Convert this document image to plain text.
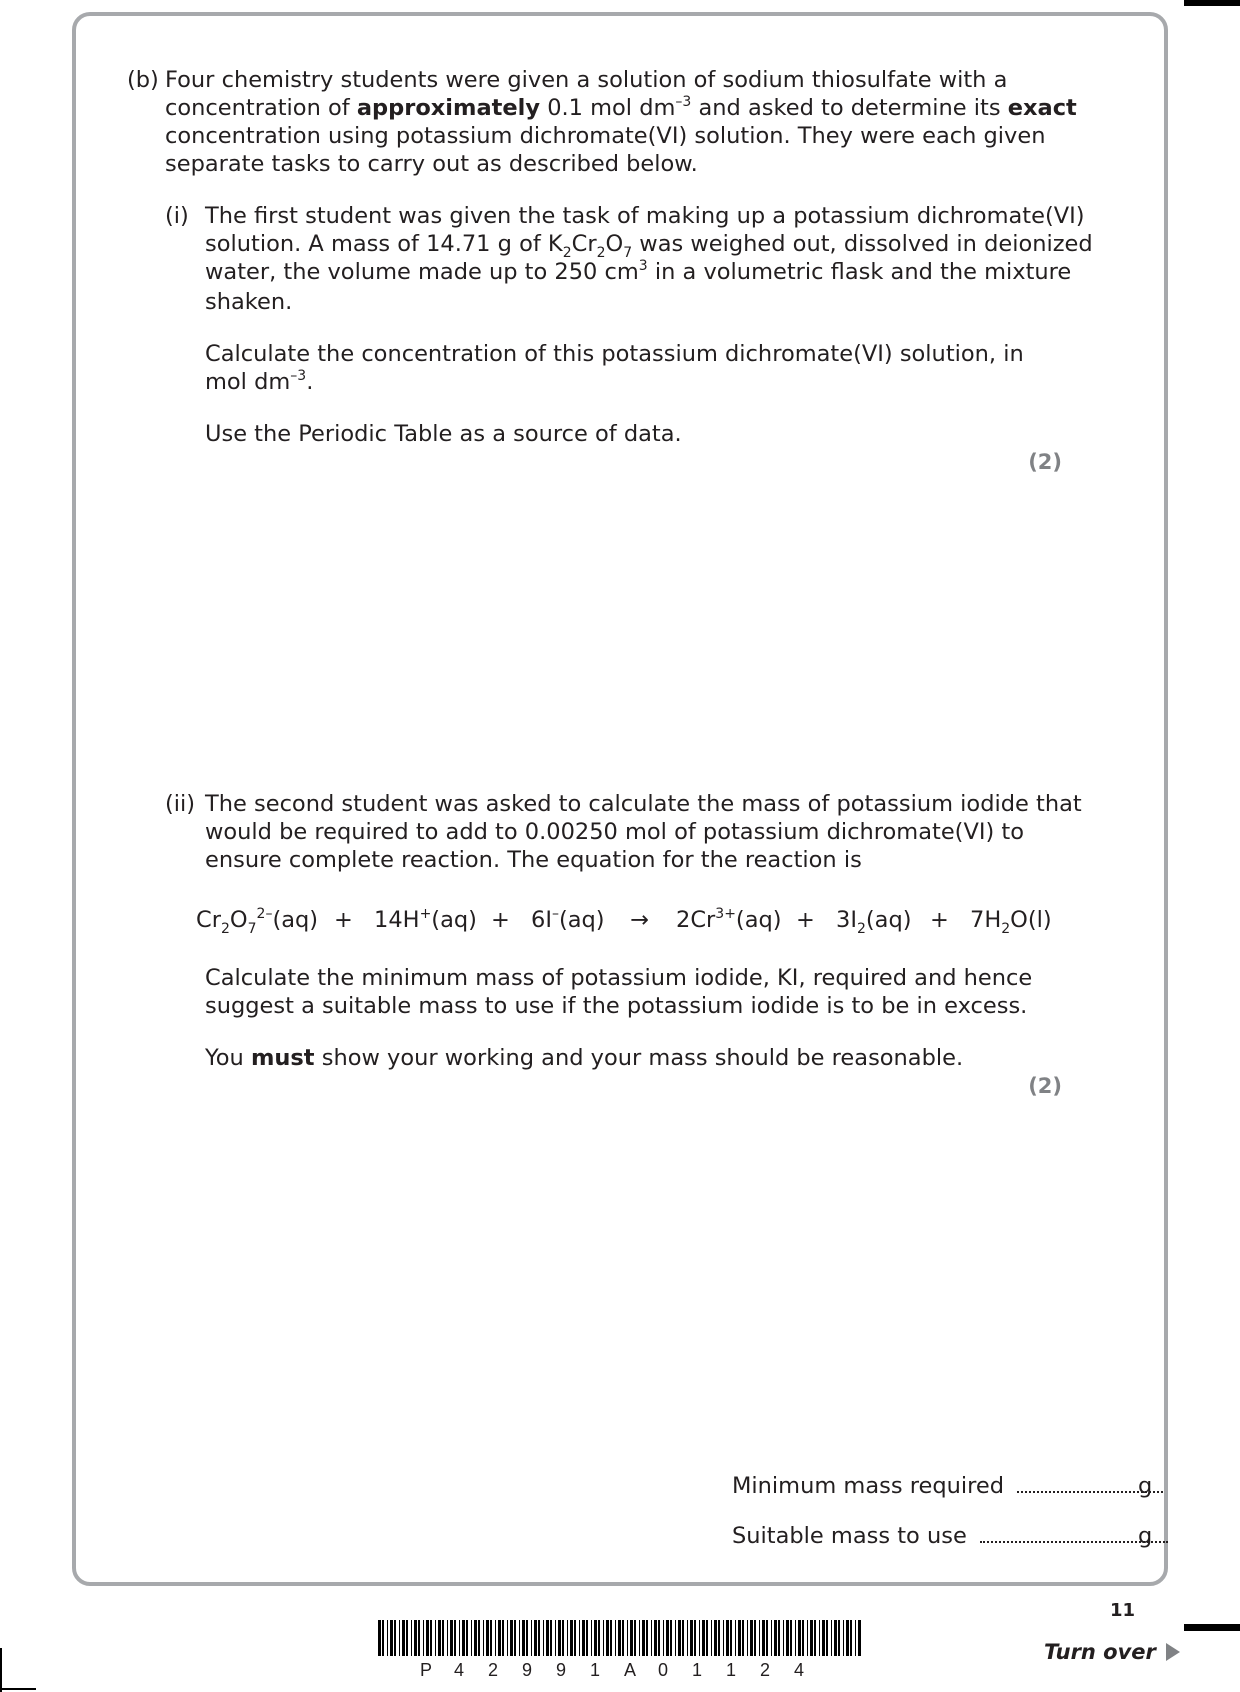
(b) Four chemistry students were given a solution of sodium thiosulfate with a
concentration of approximately 0.1 mol $dm^{-3}$ and asked to determine its exact
concentration using potassium dichromate(VI) solution. They were each given
separate tasks to carry out as described below.
(i) The first student was given the task of making up a potassium dichromate(VI)
solution. A mass of 14.71 g of $K_2Cr_2O_7$ was weighed out, dissolved in deionized
water, the volume made up to 250 $cm^3$ in a volumetric flask and the mixture
shaken.
Calculate the concentration of this potassium dichromate(VI) solution, in
mol $dm^{-3}$.
Use the Periodic Table as a source of data.
(2)
(ii) The second student was asked to calculate the mass of potassium iodide that
would be required to add to 0.00250 mol of potassium dichromate(VI) to
ensure complete reaction. The equation for the reaction is
$Cr_2O_7^{2-}(aq) + 14H^+(aq) + 6I^-(aq) \to 2Cr^{3+}(aq) + 3I_2(aq) + 7H_2O(l)$
Calculate the minimum mass of potassium iodide, KI, required and hence
suggest a suitable mass to use if the potassium iodide is to be in excess.
You must show your working and your mass should be reasonable.
(2)
Minimum mass required	g
Suitable mass to use	g
11
Turn over
P 4 2 9 9 1 A 0 1 1 2 4
